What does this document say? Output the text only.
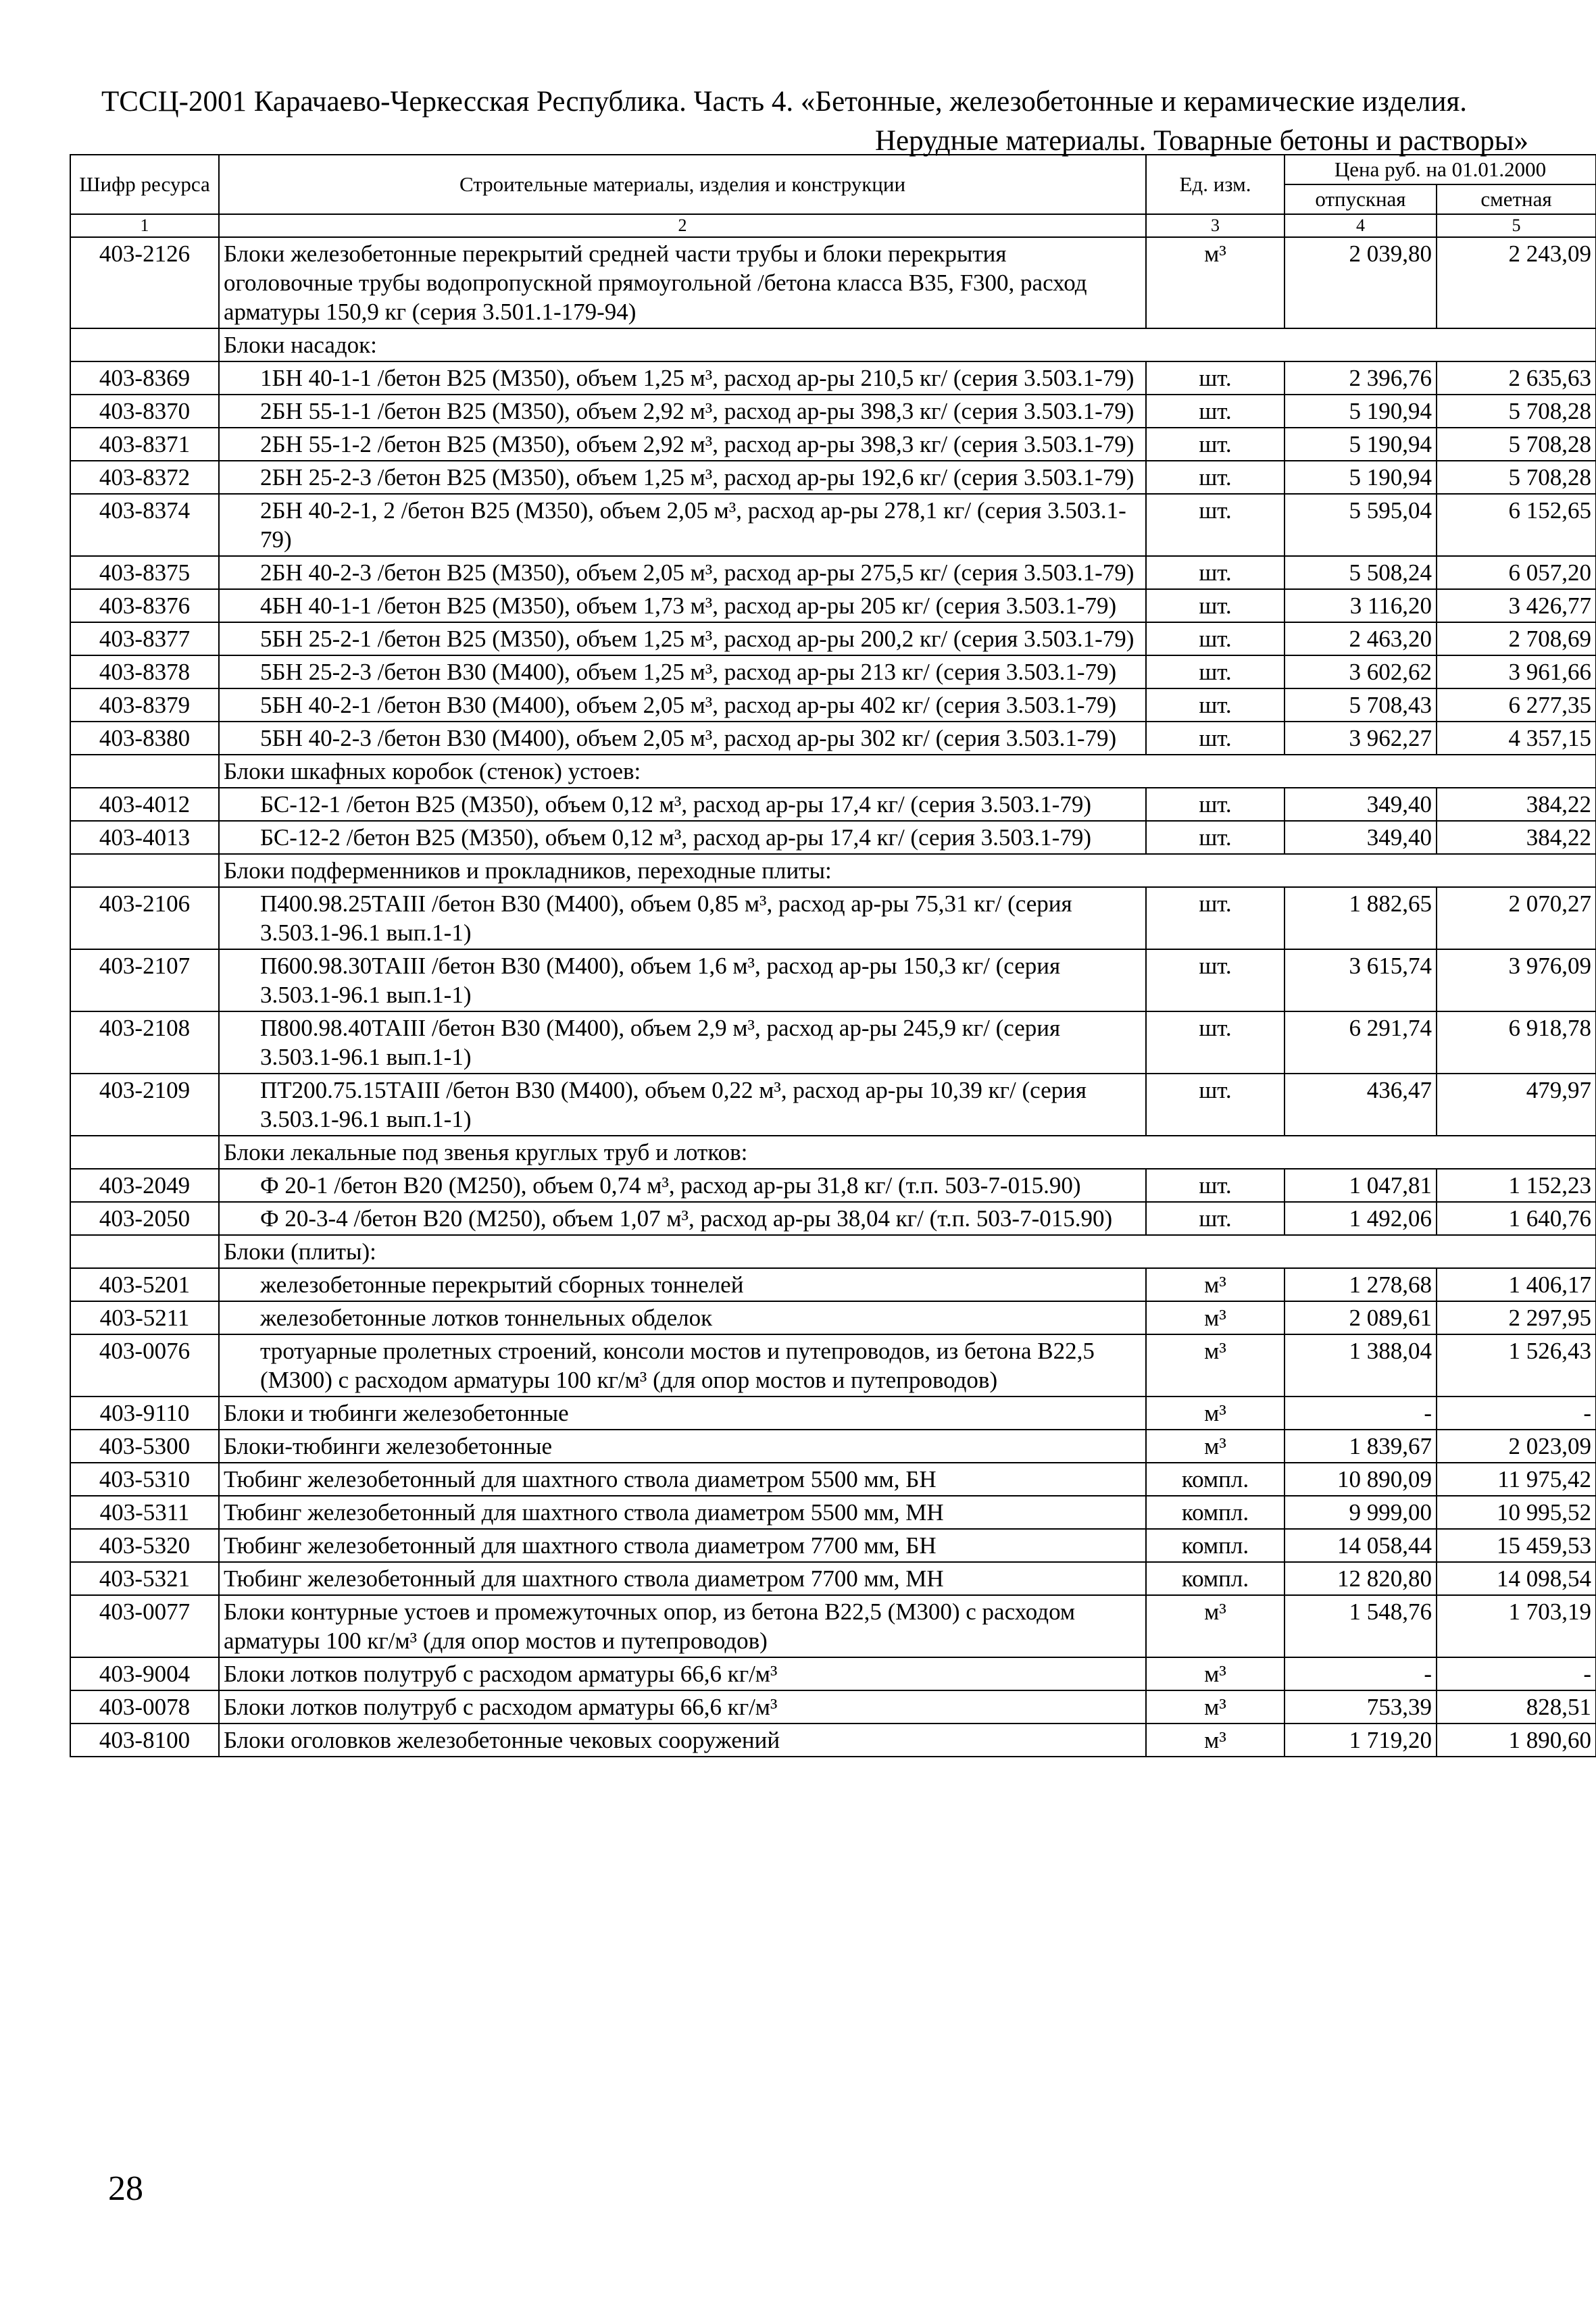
ТССЦ-2001 Карачаево-Черкесская Республика. Часть 4. «Бетонные, железобетонные и керамические изделия.
Нерудные материалы. Товарные бетоны и растворы»
Шифр ресурса	Строительные материалы, изделия и конструкции	Ед. изм.	Цена руб. на 01.01.2000	
			отпускная	сметная
1	2	3	4	5
403-2126	Блоки железобетонные перекрытий средней части трубы и блоки перекрытия оголовочные трубы водопропускной прямоугольной /бетона класса В35, F300, расход арматуры 150,9 кг (серия 3.501.1-179-94)	м³	2 039,80	2 243,09
	Блоки насадок:			
403-8369	1БН 40-1-1 /бетон В25 (М350), объем 1,25 м³, расход ар-ры 210,5 кг/ (серия 3.503.1-79)	шт.	2 396,76	2 635,63
403-8370	2БН 55-1-1 /бетон В25 (М350), объем 2,92 м³, расход ар-ры 398,3 кг/ (серия 3.503.1-79)	шт.	5 190,94	5 708,28
403-8371	2БН 55-1-2 /бетон В25 (М350), объем 2,92 м³, расход ар-ры 398,3 кг/ (серия 3.503.1-79)	шт.	5 190,94	5 708,28
403-8372	2БН 25-2-3 /бетон В25 (М350), объем 1,25 м³, расход ар-ры 192,6 кг/ (серия 3.503.1-79)	шт.	5 190,94	5 708,28
403-8374	2БН 40-2-1, 2 /бетон В25 (М350), объем 2,05 м³, расход ар-ры 278,1 кг/ (серия 3.503.1-79)	шт.	5 595,04	6 152,65
403-8375	2БН 40-2-3 /бетон В25 (М350), объем 2,05 м³, расход ар-ры 275,5 кг/ (серия 3.503.1-79)	шт.	5 508,24	6 057,20
403-8376	4БН 40-1-1 /бетон В25 (М350), объем 1,73 м³, расход ар-ры 205 кг/ (серия 3.503.1-79)	шт.	3 116,20	3 426,77
403-8377	5БН 25-2-1 /бетон В25 (М350), объем 1,25 м³, расход ар-ры 200,2 кг/ (серия 3.503.1-79)	шт.	2 463,20	2 708,69
403-8378	5БН 25-2-3 /бетон В30 (М400), объем 1,25 м³, расход ар-ры 213 кг/ (серия 3.503.1-79)	шт.	3 602,62	3 961,66
403-8379	5БН 40-2-1 /бетон В30 (М400), объем 2,05 м³, расход ар-ры 402 кг/ (серия 3.503.1-79)	шт.	5 708,43	6 277,35
403-8380	5БН 40-2-3 /бетон В30 (М400), объем 2,05 м³, расход ар-ры 302 кг/ (серия 3.503.1-79)	шт.	3 962,27	4 357,15
	Блоки шкафных коробок (стенок) устоев:			
403-4012	БС-12-1 /бетон В25 (М350), объем 0,12 м³, расход ар-ры 17,4 кг/ (серия 3.503.1-79)	шт.	349,40	384,22
403-4013	БС-12-2 /бетон В25 (М350), объем 0,12 м³, расход ар-ры 17,4 кг/ (серия 3.503.1-79)	шт.	349,40	384,22
	Блоки подферменников и прокладников, переходные плиты:			
403-2106	П400.98.25ТАIII /бетон В30 (М400), объем 0,85 м³, расход ар-ры 75,31 кг/ (серия 3.503.1-96.1 вып.1-1)	шт.	1 882,65	2 070,27
403-2107	П600.98.30ТАIII /бетон В30 (М400), объем 1,6 м³, расход ар-ры 150,3 кг/ (серия 3.503.1-96.1 вып.1-1)	шт.	3 615,74	3 976,09
403-2108	П800.98.40ТАIII /бетон В30 (М400), объем 2,9 м³, расход ар-ры 245,9 кг/ (серия 3.503.1-96.1 вып.1-1)	шт.	6 291,74	6 918,78
403-2109	ПТ200.75.15ТАIII /бетон В30 (М400), объем 0,22 м³, расход ар-ры 10,39 кг/ (серия 3.503.1-96.1 вып.1-1)	шт.	436,47	479,97
	Блоки лекальные под звенья круглых труб и лотков:			
403-2049	Ф 20-1 /бетон В20 (М250), объем 0,74 м³, расход ар-ры 31,8 кг/ (т.п. 503-7-015.90)	шт.	1 047,81	1 152,23
403-2050	Ф 20-3-4 /бетон В20 (М250), объем 1,07 м³, расход ар-ры 38,04 кг/ (т.п. 503-7-015.90)	шт.	1 492,06	1 640,76
	Блоки (плиты):			
403-5201	железобетонные перекрытий сборных тоннелей	м³	1 278,68	1 406,17
403-5211	железобетонные лотков тоннельных обделок	м³	2 089,61	2 297,95
403-0076	тротуарные пролетных строений, консоли мостов и путепроводов, из бетона В22,5 (М300) с расходом арматуры 100 кг/м³ (для опор мостов и путепроводов)	м³	1 388,04	1 526,43
403-9110	Блоки и тюбинги железобетонные	м³	-	-
403-5300	Блоки-тюбинги железобетонные	м³	1 839,67	2 023,09
403-5310	Тюбинг железобетонный для шахтного ствола диаметром 5500 мм, БН	компл.	10 890,09	11 975,42
403-5311	Тюбинг железобетонный для шахтного ствола диаметром 5500 мм, МН	компл.	9 999,00	10 995,52
403-5320	Тюбинг железобетонный для шахтного ствола диаметром 7700 мм, БН	компл.	14 058,44	15 459,53
403-5321	Тюбинг железобетонный для шахтного ствола диаметром 7700 мм, МН	компл.	12 820,80	14 098,54
403-0077	Блоки контурные устоев и промежуточных опор, из бетона В22,5 (М300) с расходом арматуры 100 кг/м³ (для опор мостов и путепроводов)	м³	1 548,76	1 703,19
403-9004	Блоки лотков полутруб с расходом арматуры 66,6 кг/м³	м³	-	-
403-0078	Блоки лотков полутруб с расходом арматуры 66,6 кг/м³	м³	753,39	828,51
403-8100	Блоки оголовков железобетонные чековых сооружений	м³	1 719,20	1 890,60
28
